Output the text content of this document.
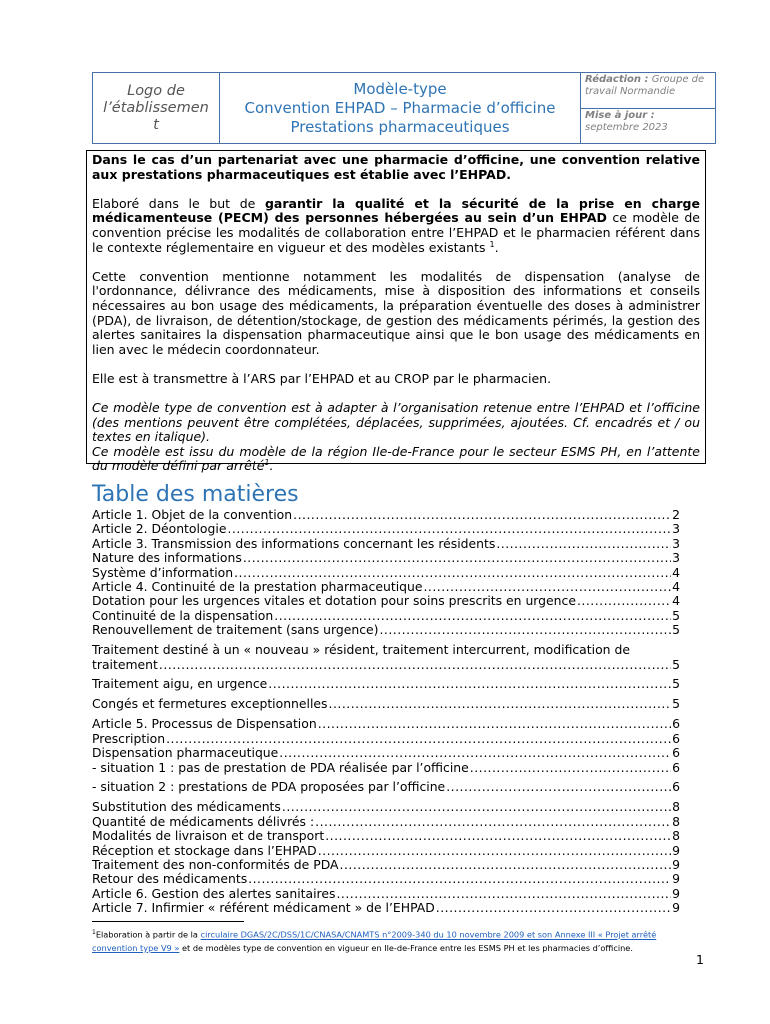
Logo de
l’établissemen
t
Modèle-type
Convention EHPAD – Pharmacie d’officine
Prestations pharmaceutiques
Rédaction : Groupe de travail Normandie
Mise à jour :
septembre 2023

Dans le cas d’un partenariat avec une pharmacie d’officine, une convention relative aux prestations pharmaceutiques est établie avec l’EHPAD.

Elaboré dans le but de garantir la qualité et la sécurité de la prise en charge médicamenteuse (PECM) des personnes hébergées au sein d’un EHPAD ce modèle de convention précise les modalités de collaboration entre l’EHPAD et le pharmacien référent dans le contexte réglementaire en vigueur et des modèles existants $^1$.

Cette convention mentionne notamment les modalités de dispensation (analyse de l'ordonnance, délivrance des médicaments, mise à disposition des informations et conseils nécessaires au bon usage des médicaments, la préparation éventuelle des doses à administrer (PDA), de livraison, de détention/stockage, de gestion des médicaments périmés, la gestion des alertes sanitaires la dispensation pharmaceutique ainsi que le bon usage des médicaments en lien avec le médecin coordonnateur.

Elle est à transmettre à l’ARS par l’EHPAD et au CROP par le pharmacien.

Ce modèle type de convention est à adapter à l’organisation retenue entre l’EHPAD et l’officine (des mentions peuvent être complétées, déplacées, supprimées, ajoutées. Cf. encadrés et / ou textes en italique).
Ce modèle est issu du modèle de la région Ile-de-France pour le secteur ESMS PH, en l’attente du modèle défini par arrêté$^1$.

Table des matières
Article 1. Objet de la convention .....	2
Article 2. Déontologie .....	3
Article 3. Transmission des informations concernant les résidents .....	3
Nature des informations .....	3
Système d’information .....	4
Article 4. Continuité de la prestation pharmaceutique .....	4
Dotation pour les urgences vitales et dotation pour soins prescrits en urgence .....	4
Continuité de la dispensation .....	5
Renouvellement de traitement (sans urgence) .....	5
Traitement destiné à un « nouveau » résident, traitement intercurrent, modification de
traitement .....	5
Traitement aigu, en urgence .....	5
Congés et fermetures exceptionnelles .....	5
Article 5. Processus de Dispensation .....	6
Prescription .....	6
Dispensation pharmaceutique .....	6
- situation 1 : pas de prestation de PDA réalisée par l’officine .....	6
- situation 2 : prestations de PDA proposées par l’officine .....	6
Substitution des médicaments .....	8
Quantité de médicaments délivrés : .....	8
Modalités de livraison et de transport .....	8
Réception et stockage dans l’EHPAD .....	9
Traitement des non-conformités de PDA .....	9
Retour des médicaments .....	9
Article 6. Gestion des alertes sanitaires .....	9
Article 7. Infirmier « référent médicament » de l’EHPAD .....	9
$^1$Elaboration à partir de la circulaire DGAS/2C/DSS/1C/CNASA/CNAMTS n°2009-340 du 10 novembre 2009 et son Annexe III « Projet arrêté convention type V9 » et de modèles type de convention en vigueur en Ile-de-France entre les ESMS PH et les pharmacies d’officine.
1
